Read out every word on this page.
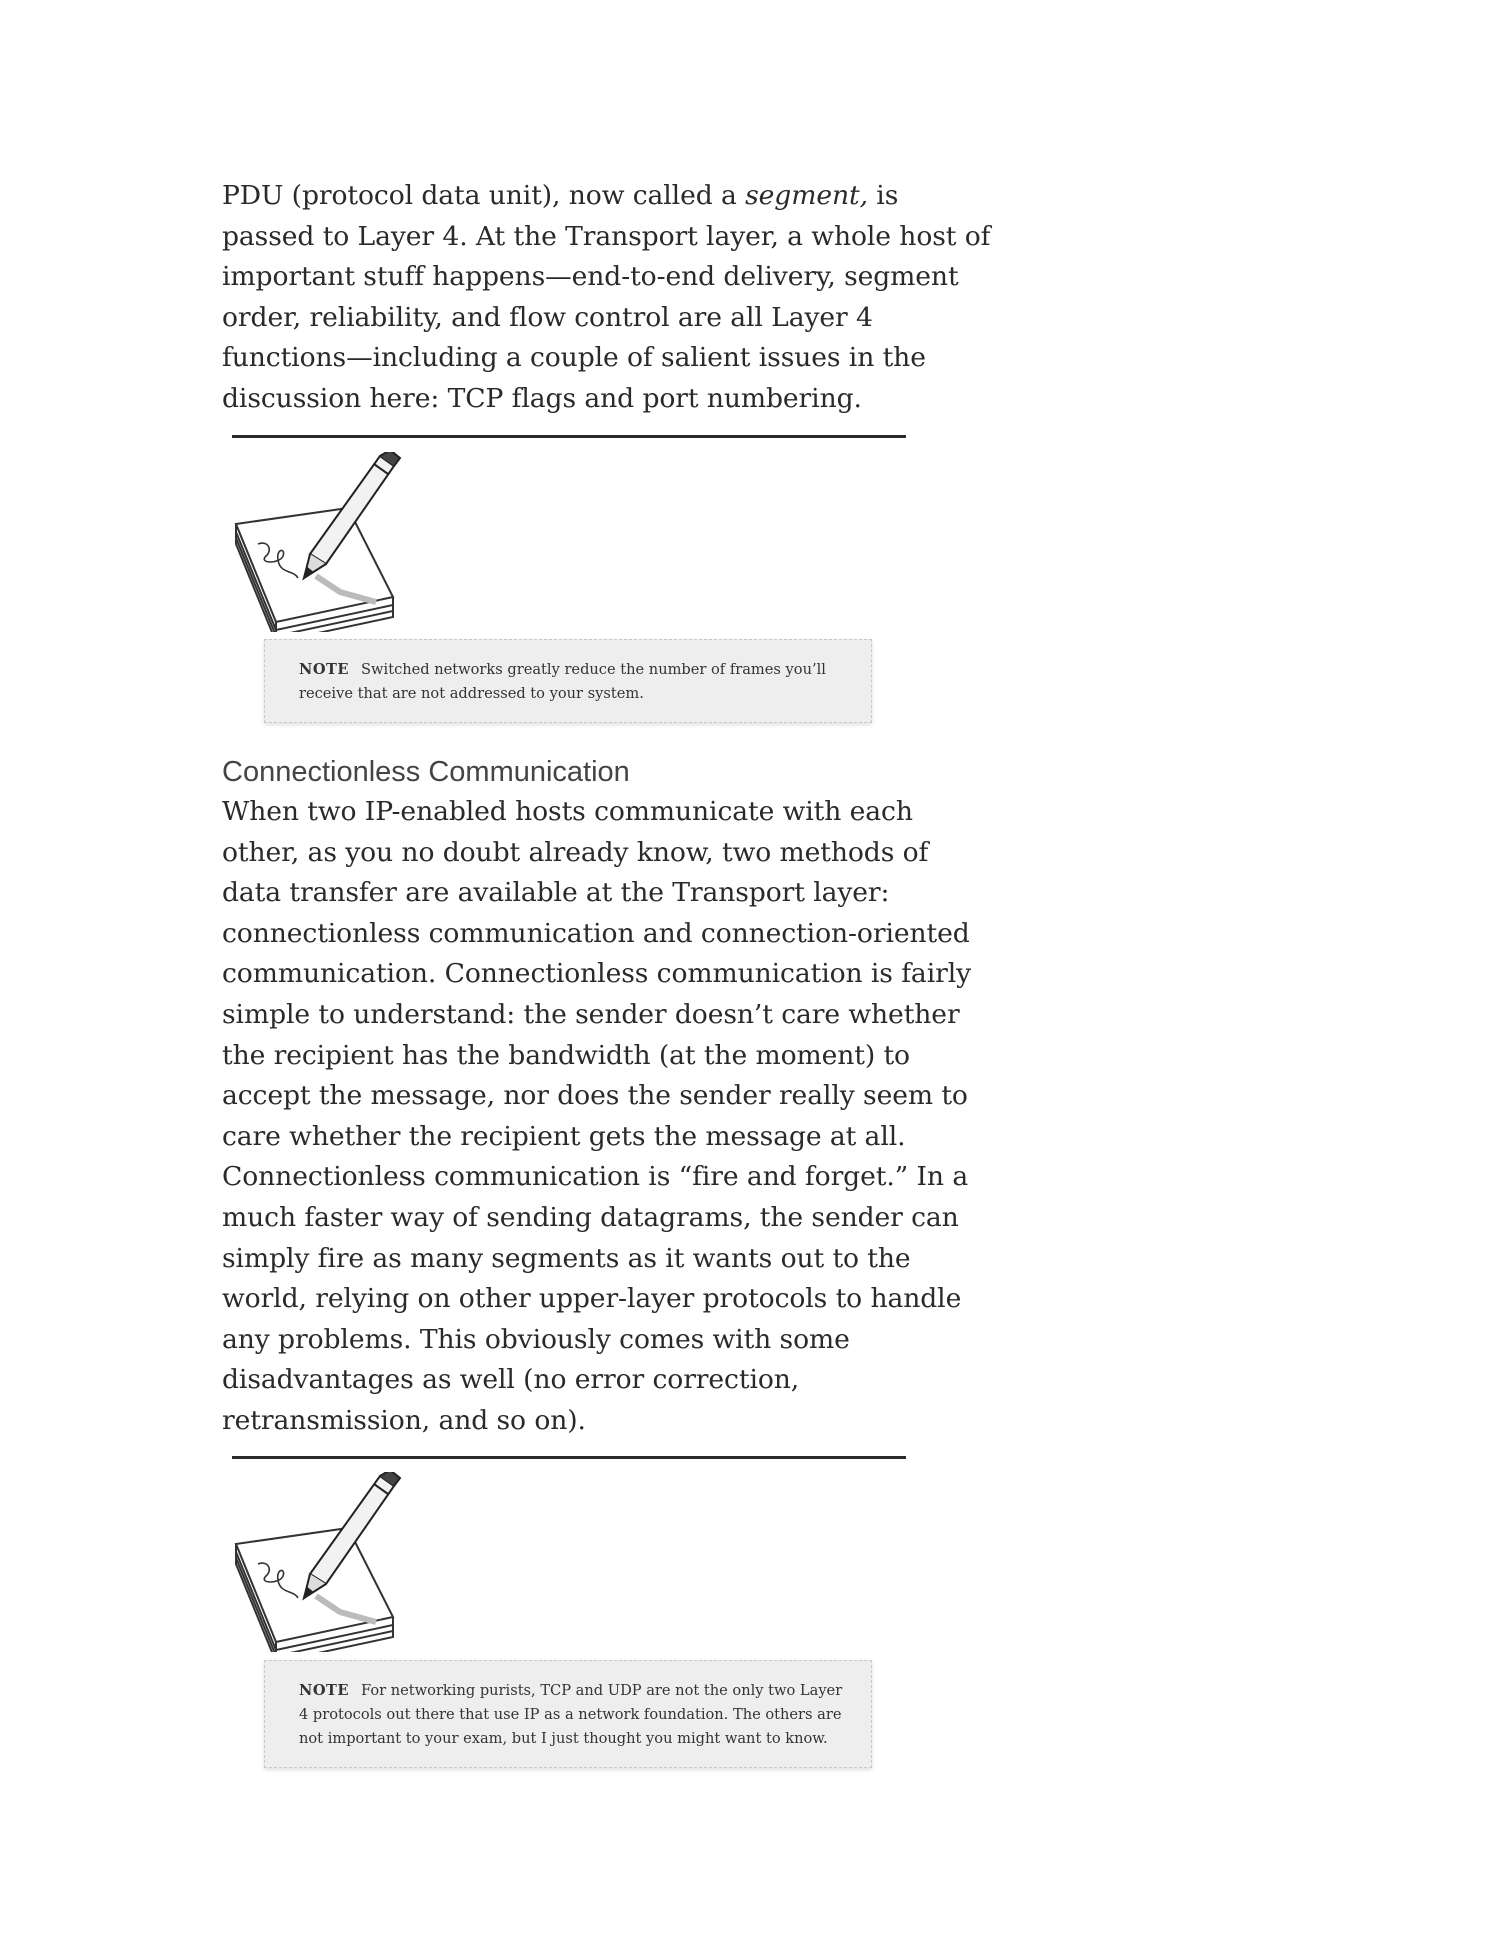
PDU (protocol data unit), now called a segment, is
passed to Layer 4. At the Transport layer, a whole host of
important stuff happens—end-to-end delivery, segment
order, reliability, and flow control are all Layer 4
functions—including a couple of salient issues in the
discussion here: TCP flags and port numbering.
NOTE Switched networks greatly reduce the number of frames you’ll
receive that are not addressed to your system.
Connectionless Communication
When two IP-enabled hosts communicate with each
other, as you no doubt already know, two methods of
data transfer are available at the Transport layer:
connectionless communication and connection-oriented
communication. Connectionless communication is fairly
simple to understand: the sender doesn’t care whether
the recipient has the bandwidth (at the moment) to
accept the message, nor does the sender really seem to
care whether the recipient gets the message at all.
Connectionless communication is “fire and forget.” In a
much faster way of sending datagrams, the sender can
simply fire as many segments as it wants out to the
world, relying on other upper-layer protocols to handle
any problems. This obviously comes with some
disadvantages as well (no error correction,
retransmission, and so on).
NOTE For networking purists, TCP and UDP are not the only two Layer
4 protocols out there that use IP as a network foundation. The others are
not important to your exam, but I just thought you might want to know.
